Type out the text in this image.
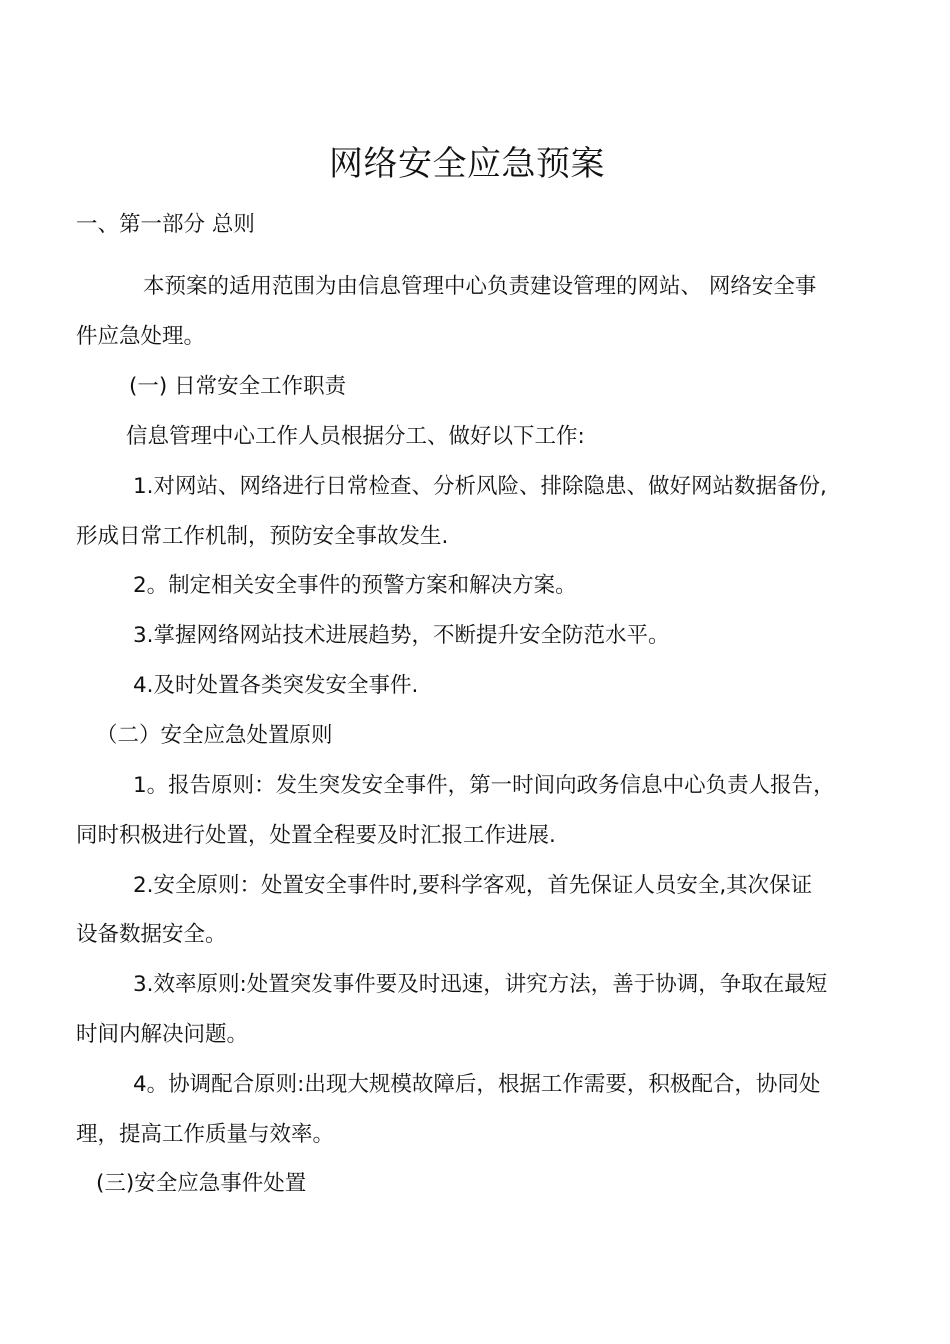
网络安全应急预案

一、第一部分 总则

本预案的适用范围为由信息管理中心负责建设管理的网站、 网络安全事

件应急处理。

(一) 日常安全工作职责

信息管理中心工作人员根据分工、做好以下工作:

1.对网站、网络进行日常检查、分析风险、排除隐患、做好网站数据备份,

形成日常工作机制，预防安全事故发生.

2。制定相关安全事件的预警方案和解决方案。

3.掌握网络网站技术进展趋势，不断提升安全防范水平。

4.及时处置各类突发安全事件.

（二）安全应急处置原则

1。报告原则：发生突发安全事件，第一时间向政务信息中心负责人报告，

同时积极进行处置，处置全程要及时汇报工作进展.

2.安全原则：处置安全事件时,要科学客观，首先保证人员安全,其次保证

设备数据安全。

3.效率原则:处置突发事件要及时迅速，讲究方法，善于协调，争取在最短

时间内解决问题。

4。协调配合原则:出现大规模故障后，根据工作需要，积极配合，协同处

理，提高工作质量与效率。

(三)安全应急事件处置
